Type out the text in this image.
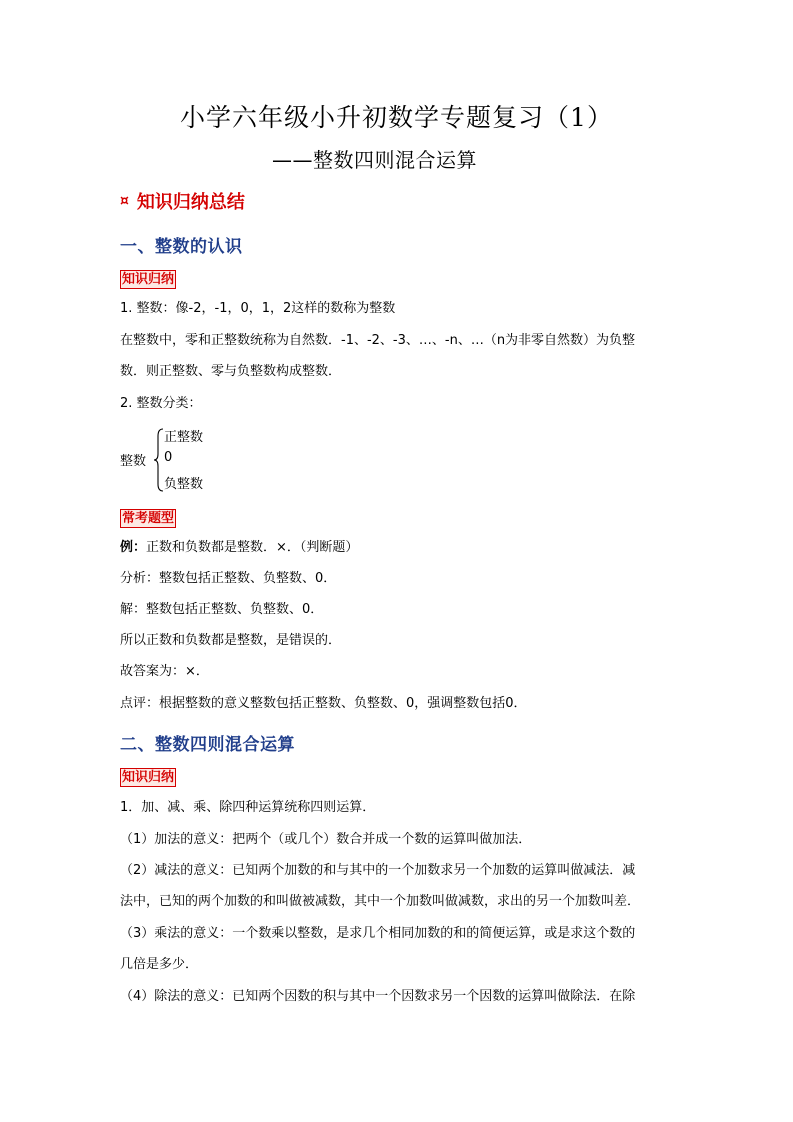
小学六年级小升初数学专题复习（1）
——整数四则混合运算
¤ 知识归纳总结
一、整数的认识
知识归纳
1. 整数：像-2，-1，0，1，2这样的数称为整数
在整数中，零和正整数统称为自然数．-1、-2、-3、…、-n、…（n为非零自然数）为负整
数．则正整数、零与负整数构成整数．
2. 整数分类：
整数
正整数
0
负整数
常考题型
例：正数和负数都是整数．×．（判断题）
分析：整数包括正整数、负整数、0．
解：整数包括正整数、负整数、0．
所以正数和负数都是整数，是错误的．
故答案为：×．
点评：根据整数的意义整数包括正整数、负整数、0，强调整数包括0．
二、整数四则混合运算
知识归纳
1．加、减、乘、除四种运算统称四则运算．
（1）加法的意义：把两个（或几个）数合并成一个数的运算叫做加法．
（2）减法的意义：已知两个加数的和与其中的一个加数求另一个加数的运算叫做减法．减
法中，已知的两个加数的和叫做被减数，其中一个加数叫做减数，求出的另一个加数叫差．
（3）乘法的意义：一个数乘以整数，是求几个相同加数的和的简便运算，或是求这个数的
几倍是多少．
（4）除法的意义：已知两个因数的积与其中一个因数求另一个因数的运算叫做除法．在除
